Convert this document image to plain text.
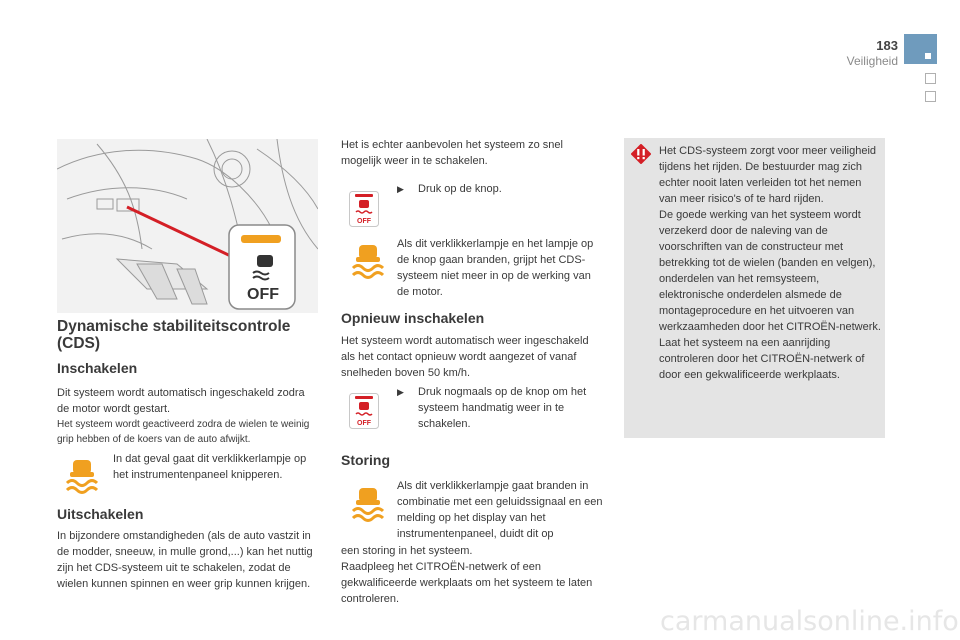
183
Veiligheid
OFF
Dynamische stabiliteitscontrole (CDS)
Inschakelen
Dit systeem wordt automatisch ingeschakeld zodra de motor wordt gestart.
Het systeem wordt geactiveerd zodra de wielen te weinig grip hebben of de koers van de auto afwijkt.
In dat geval gaat dit verklikkerlampje op het instrumentenpaneel knipperen.
Uitschakelen
In bijzondere omstandigheden (als de auto vastzit in de modder, sneeuw, in mulle grond,...) kan het nuttig zijn het CDS-systeem uit te schakelen, zodat de wielen kunnen spinnen en weer grip kunnen krijgen.
Het is echter aanbevolen het systeem zo snel mogelijk weer in te schakelen.
OFF
▶ Druk op de knop.
Als dit verklikkerlampje en het lampje op de knop gaan branden, grijpt het CDS-systeem niet meer in op de werking van de motor.
Opnieuw inschakelen
Het systeem wordt automatisch weer ingeschakeld als het contact opnieuw wordt aangezet of vanaf snelheden boven 50 km/h.
OFF
▶ Druk nogmaals op de knop om het systeem handmatig weer in te schakelen.
Storing
Als dit verklikkerlampje gaat branden in combinatie met een geluidssignaal en een melding op het display van het instrumentenpaneel, duidt dit op
een storing in het systeem.
Raadpleeg het CITROËN-netwerk of een gekwalificeerde werkplaats om het systeem te laten controleren.
Het CDS-systeem zorgt voor meer veiligheid tijdens het rijden. De bestuurder mag zich echter nooit laten verleiden tot het nemen van meer risico's of te hard rijden.
De goede werking van het systeem wordt verzekerd door de naleving van de voorschriften van de constructeur met betrekking tot de wielen (banden en velgen), onderdelen van het remsysteem, elektronische onderdelen alsmede de montageprocedure en het uitvoeren van werkzaamheden door het CITROËN-netwerk.
Laat het systeem na een aanrijding controleren door het CITROËN-netwerk of door een gekwalificeerde werkplaats.
carmanualsonline.info
